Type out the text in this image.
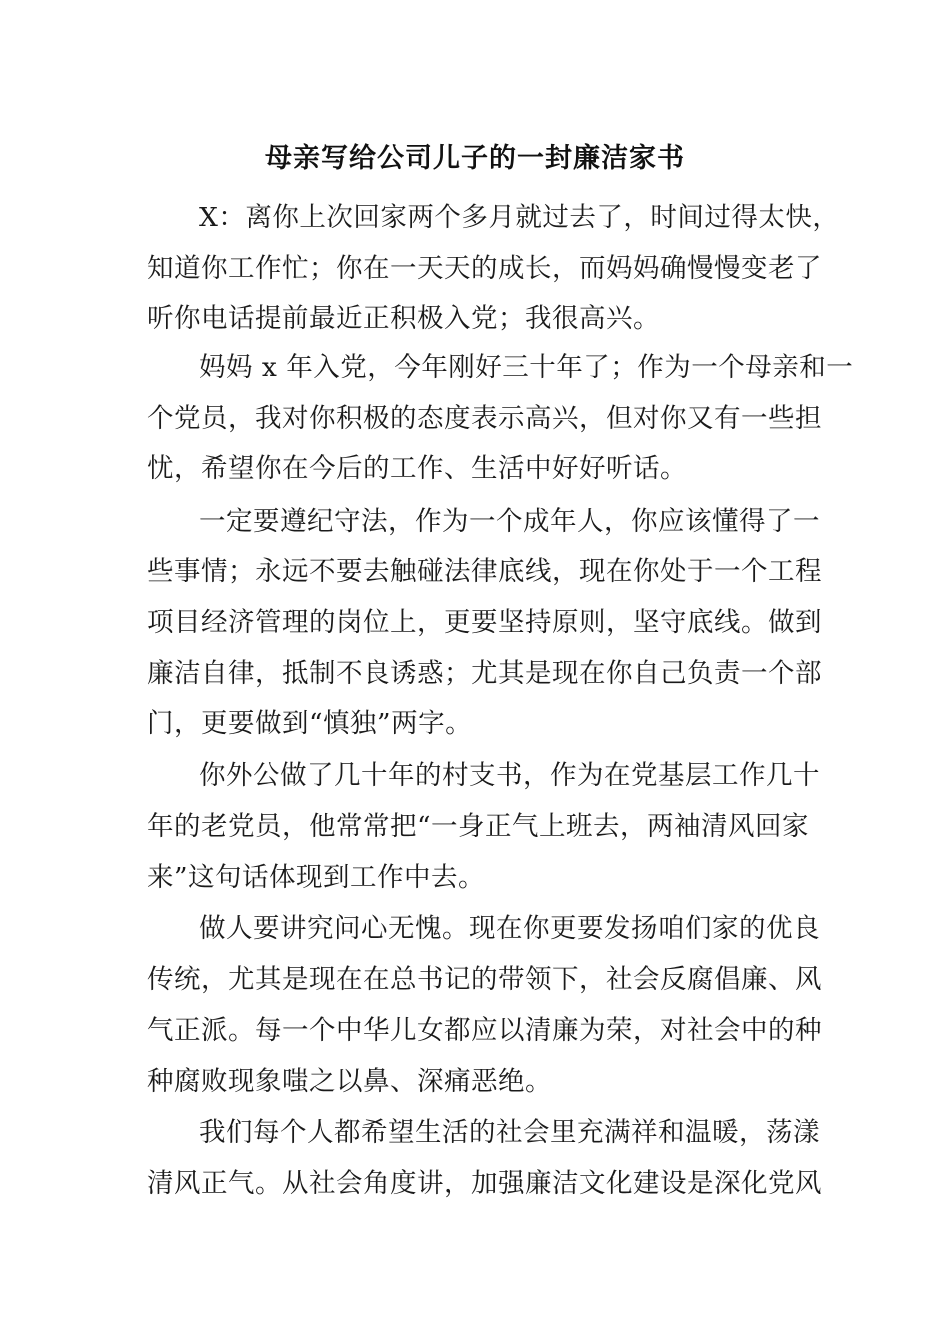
母亲写给公司儿子的一封廉洁家书
X：离你上次回家两个多月就过去了，时间过得太快，
知道你工作忙；你在一天天的成长，而妈妈确慢慢变老了
听你电话提前最近正积极入党；我很高兴。
妈妈 x 年入党，今年刚好三十年了；作为一个母亲和一
个党员，我对你积极的态度表示高兴，但对你又有一些担
忧，希望你在今后的工作、生活中好好听话。
一定要遵纪守法，作为一个成年人，你应该懂得了一
些事情；永远不要去触碰法律底线，现在你处于一个工程
项目经济管理的岗位上，更要坚持原则，坚守底线。做到
廉洁自律，抵制不良诱惑；尤其是现在你自己负责一个部
门，更要做到“慎独”两字。
你外公做了几十年的村支书，作为在党基层工作几十
年的老党员，他常常把“一身正气上班去，两袖清风回家
来”这句话体现到工作中去。
做人要讲究问心无愧。现在你更要发扬咱们家的优良
传统，尤其是现在在总书记的带领下，社会反腐倡廉、风
气正派。每一个中华儿女都应以清廉为荣，对社会中的种
种腐败现象嗤之以鼻、深痛恶绝。
我们每个人都希望生活的社会里充满祥和温暖，荡漾
清风正气。从社会角度讲，加强廉洁文化建设是深化党风
